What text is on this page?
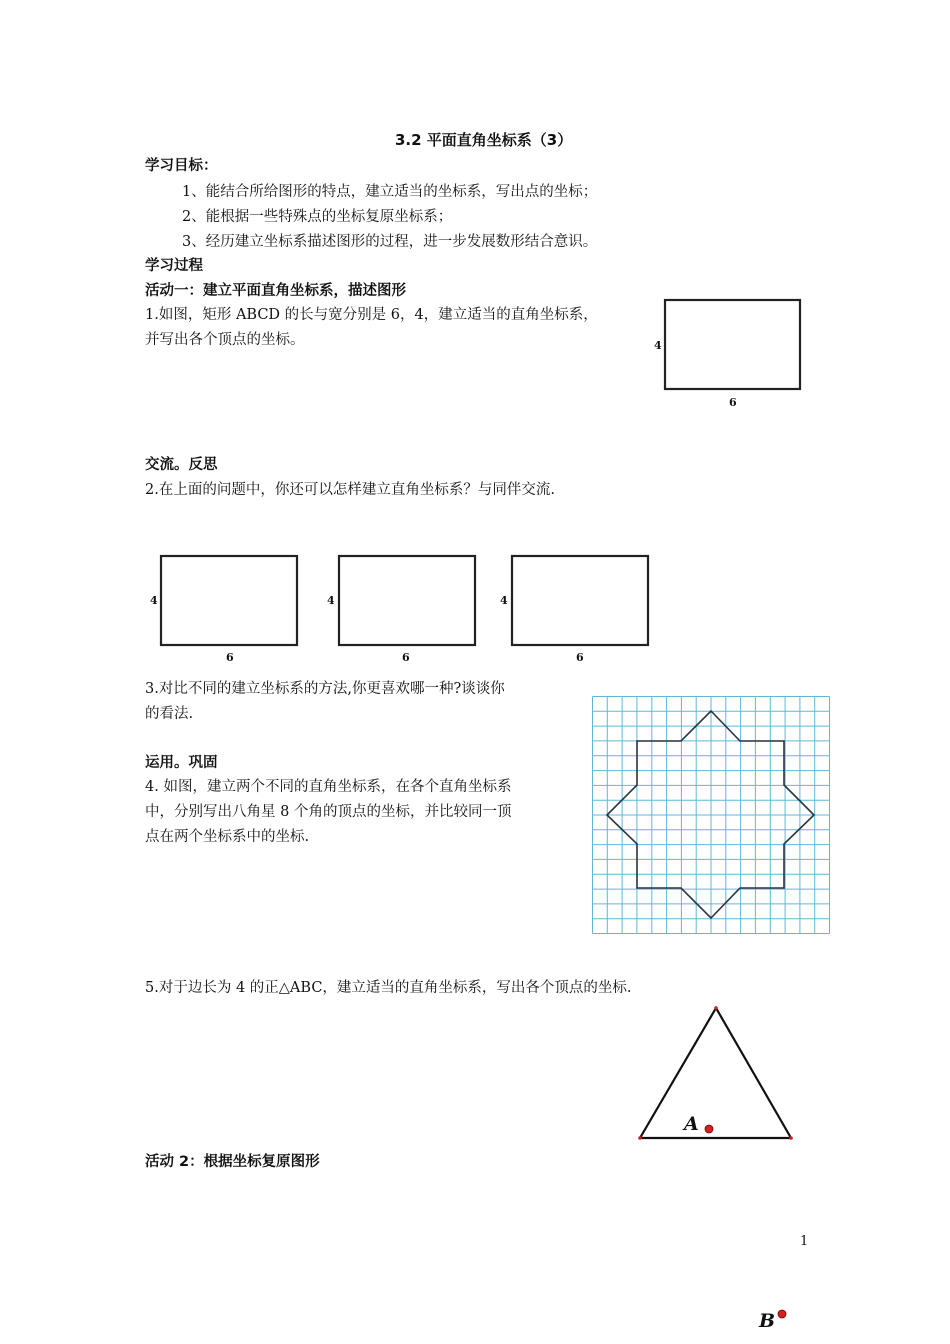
3.2 平面直角坐标系（3）
学习目标：
1、能结合所给图形的特点，建立适当的坐标系，写出点的坐标；
2、能根据一些特殊点的坐标复原坐标系；
3、经历建立坐标系描述图形的过程，进一步发展数形结合意识。
学习过程
活动一：建立平面直角坐标系，描述图形
1.如图，矩形 ABCD 的长与宽分别是 6，4，建立适当的直角坐标系，
并写出各个顶点的坐标。	4
6
交流。反思
2.在上面的问题中，你还可以怎样建立直角坐标系？与同伴交流.
4
6
4
6
4
6
3.对比不同的建立坐标系的方法,你更喜欢哪一种?谈谈你
的看法.
运用。巩固
4. 如图，建立两个不同的直角坐标系，在各个直角坐标系
中，分别写出八角星 8 个角的顶点的坐标，并比较同一顶
点在两个坐标系中的坐标.
5.对于边长为 4 的正△ABC，建立适当的直角坐标系，写出各个顶点的坐标.
A
活动 2：根据坐标复原图形
1
B
